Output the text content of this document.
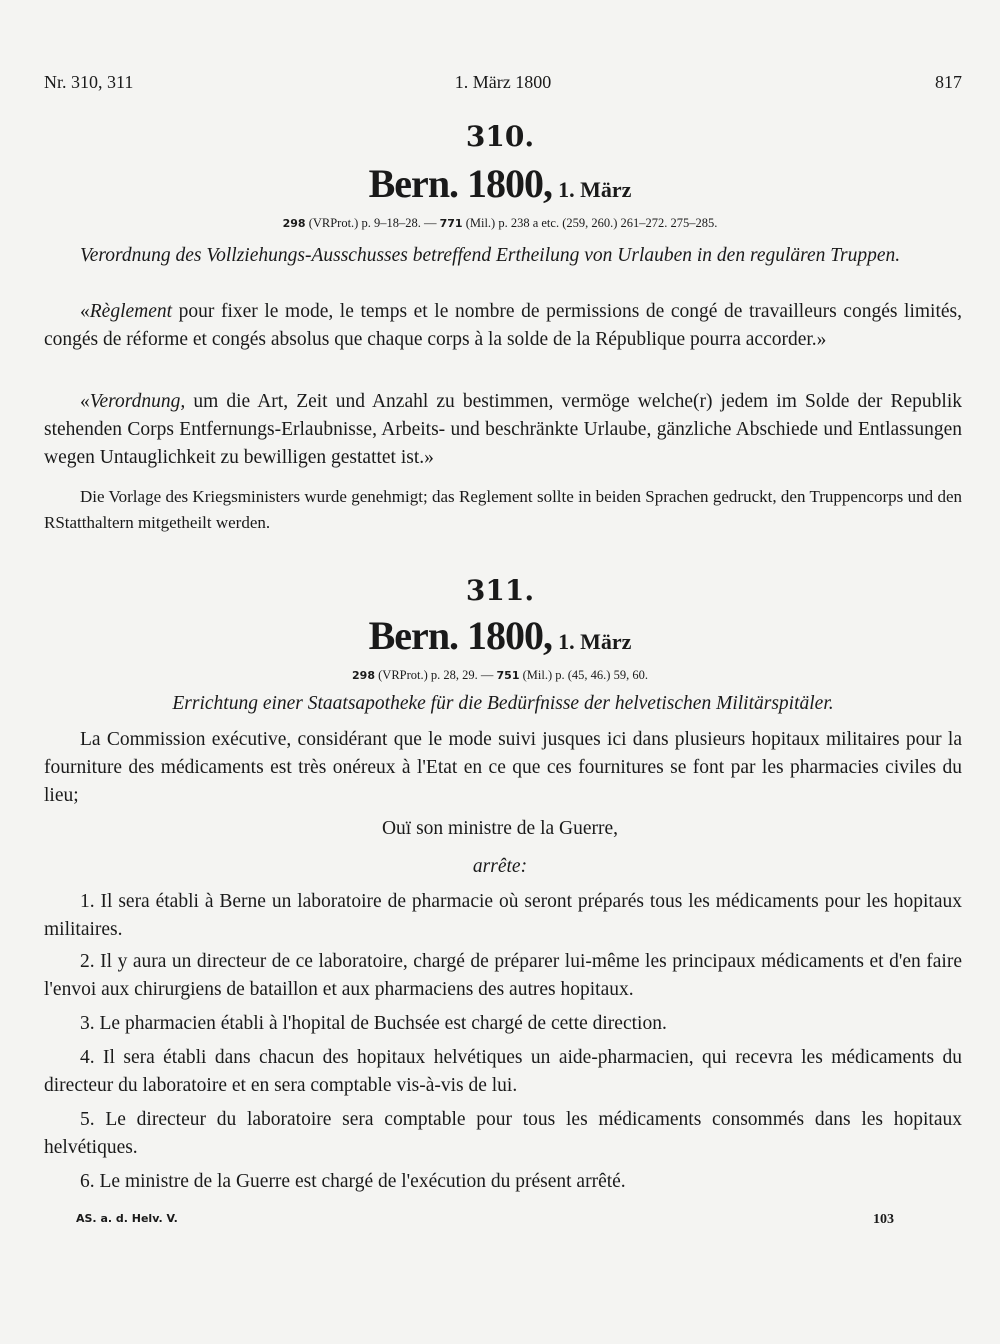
Nr. 310, 311	1. März 1800	817
310.
Bern. 1800, 1. März
298 (VRProt.) p. 9–18–28. — 771 (Mil.) p. 238 a etc. (259, 260.) 261–272. 275–285.

Verordnung des Vollziehungs-Ausschusses betreffend Ertheilung von Urlauben in den regulären Truppen.

«Règlement pour fixer le mode, le temps et le nombre de permissions de congé de travailleurs congés limités, congés de réforme et congés absolus que chaque corps à la solde de la République pourra accorder.»

«Verordnung, um die Art, Zeit und Anzahl zu bestimmen, vermöge welche(r) jedem im Solde der Republik stehenden Corps Entfernungs-Erlaubnisse, Arbeits- und beschränkte Urlaube, gänzliche Abschiede und Entlassungen wegen Untauglichkeit zu bewilligen gestattet ist.»

Die Vorlage des Kriegsministers wurde genehmigt; das Reglement sollte in beiden Sprachen gedruckt, den Truppencorps und den RStatthaltern mitgetheilt werden.

311.
Bern. 1800, 1. März
298 (VRProt.) p. 28, 29. — 751 (Mil.) p. (45, 46.) 59, 60.

Errichtung einer Staatsapotheke für die Bedürfnisse der helvetischen Militärspitäler.

La Commission exécutive, considérant que le mode suivi jusques ici dans plusieurs hopitaux militaires pour la fourniture des médicaments est très onéreux à l'Etat en ce que ces fournitures se font par les pharmacies civiles du lieu;

Ouï son ministre de la Guerre,
arrête:

1. Il sera établi à Berne un laboratoire de pharmacie où seront préparés tous les médicaments pour les hopitaux militaires.

2. Il y aura un directeur de ce laboratoire, chargé de préparer lui-même les principaux médicaments et d'en faire l'envoi aux chirurgiens de bataillon et aux pharmaciens des autres hopitaux.

3. Le pharmacien établi à l'hopital de Buchsée est chargé de cette direction.

4. Il sera établi dans chacun des hopitaux helvétiques un aide-pharmacien, qui recevra les médicaments du directeur du laboratoire et en sera comptable vis-à-vis de lui.

5. Le directeur du laboratoire sera comptable pour tous les médicaments consommés dans les hopitaux helvétiques.

6. Le ministre de la Guerre est chargé de l'exécution du présent arrêté.

AS. a. d. Helv. V.	103
